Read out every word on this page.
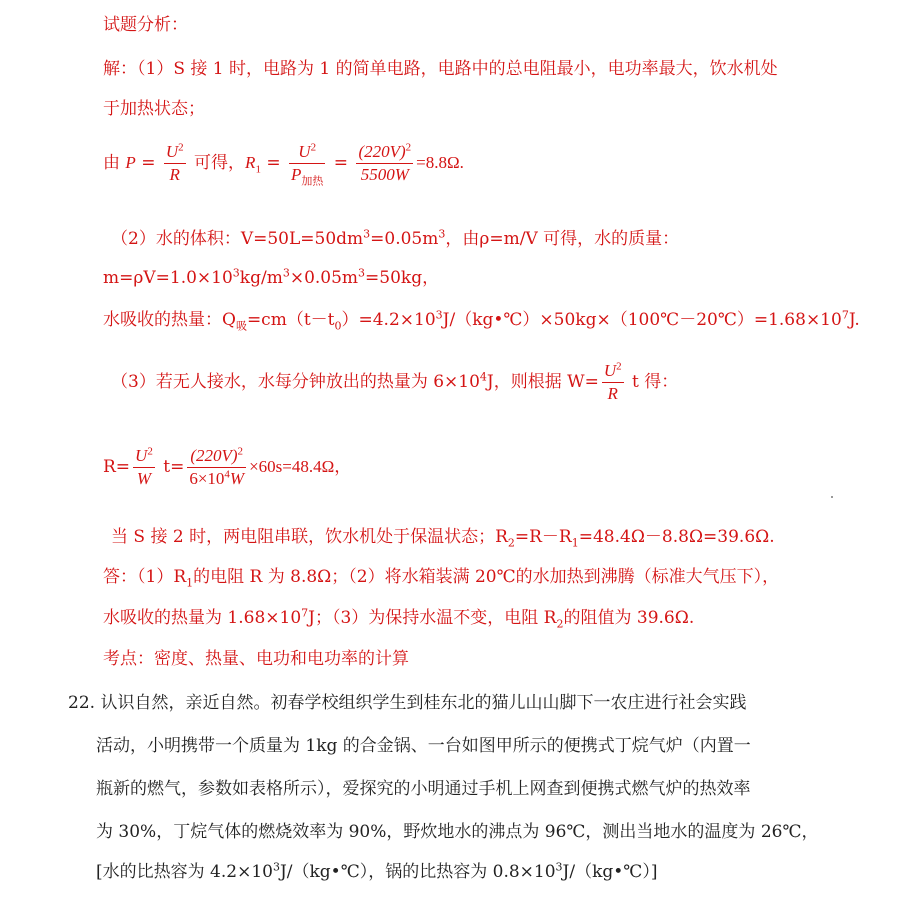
试题分析：
解：（1）S 接 1 时，电路为 1 的简单电路，电路中的总电阻最小，电功率最大，饮水机处
于加热状态；
由 $P = \frac{U^2}{R}$ 可得，$R_1 = \frac{U^2}{P_{加热}} = \frac{(220V)^2}{5500W} =8.8\Omega$.
（2）水的体积：$V=50L=50dm^3=0.05m^3$，由ρ=m/V 可得，水的质量：
$m=\rho V=1.0\times 10^3kg/m^3\times 0.05m^3=50kg$，
水吸收的热量：$Q_吸=cm(t-t_0)=4.2\times 10^3J/(kg•℃)\times 50kg\times(100℃-20℃)=1.68\times 10^7J$.
（3）若无人接水，水每分钟放出的热量为 $6\times 10^4J$，则根据 $W= \frac{U^2}{R}$ t 得：
$R= \frac{U^2}{W} t= \frac{(220V)^2}{6\times 10^4W} \times 60s=48.4\Omega$，
当 S 接 2 时，两电阻串联，饮水机处于保温状态；$R_2=R-R_1=48.4\Omega-8.8\Omega=39.6\Omega$.
答：$(1)R_1$的电阻 R 为 8.8Ω；（2）将水箱装满 20℃的水加热到沸腾（标准大气压下），
水吸收的热量为 $1.68\times 10^7J$；（3）为保持水温不变，电阻 $R_2$的阻值为 39.6Ω.
考点：密度、热量、电功和电功率的计算
22. 认识自然，亲近自然。初春学校组织学生到桂东北的猫儿山山脚下一农庄进行社会实践
活动，小明携带一个质量为 1kg 的合金锅、一台如图甲所示的便携式丁烷气炉（内置一
瓶新的燃气，参数如表格所示），爱探究的小明通过手机上网查到便携式燃气炉的热效率
为 30%，丁烷气体的燃烧效率为 90%，野炊地水的沸点为 96℃，测出当地水的温度为 26℃，
[水的比热容为 $4.2\times 10^3J/(kg•℃)$，锅的比热容为 $0.8\times 10^3J/(kg•℃)$]
